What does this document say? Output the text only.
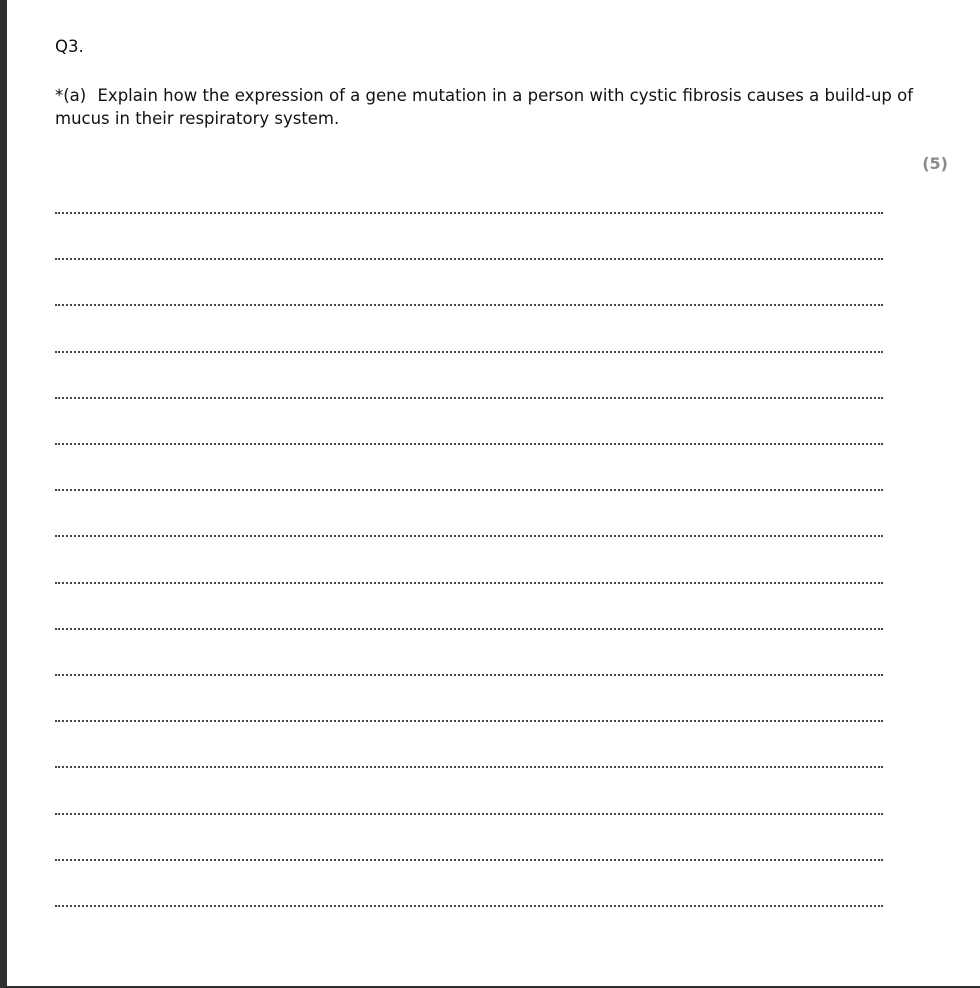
Q3.
*(a) Explain how the expression of a gene mutation in a person with cystic fibrosis causes a build-up of mucus in their respiratory system.
(5)
